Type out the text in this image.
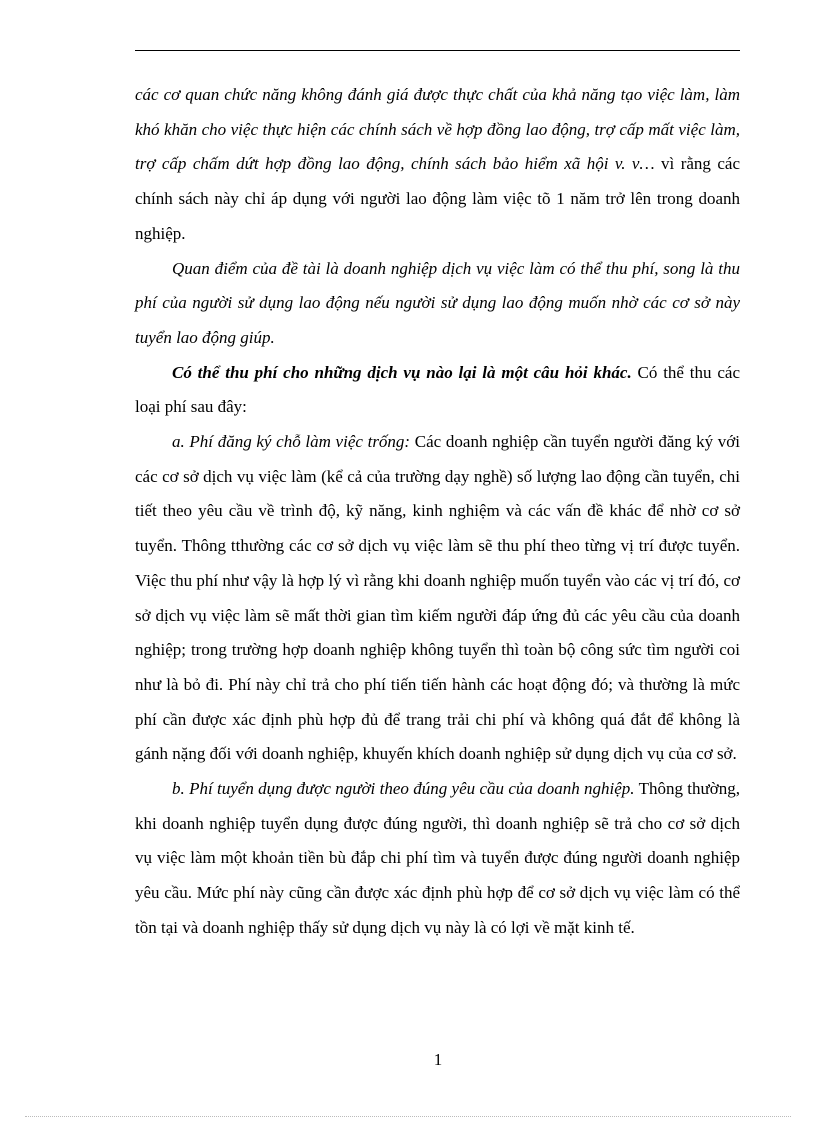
các cơ quan chức năng không đánh giá được thực chất của khả năng tạo việc làm, làm khó khăn cho việc thực hiện các chính sách về hợp đồng lao động, trợ cấp mất việc làm, trợ cấp chấm dứt hợp đồng lao động, chính sách bảo hiểm xã hội v. v… vì rằng các chính sách này chỉ áp dụng với người lao động làm việc tõ 1 năm trở lên trong doanh nghiệp.

Quan điểm của đề tài là doanh nghiệp dịch vụ việc làm có thể thu phí, song là thu phí của người sử dụng lao động nếu người sử dụng lao động muốn nhờ các cơ sở này tuyển lao động giúp.

Có thể thu phí cho những dịch vụ nào lại là một câu hỏi khác. Có thể thu các loại phí sau đây:

a. Phí đăng ký chỗ làm việc trống: Các doanh nghiệp cần tuyển người đăng ký với các cơ sở dịch vụ việc làm (kể cả của trường dạy nghề) số lượng lao động cần tuyển, chi tiết theo yêu cầu về trình độ, kỹ năng, kinh nghiệm và các vấn đề khác để nhờ cơ sở tuyển. Thông tthường các cơ sở dịch vụ việc làm sẽ thu phí theo từng vị trí được tuyển. Việc thu phí như vậy là hợp lý vì rằng khi doanh nghiệp muốn tuyển vào các vị trí đó, cơ sở dịch vụ việc làm sẽ mất thời gian tìm kiếm người đáp ứng đủ các yêu cầu của doanh nghiệp; trong trường hợp doanh nghiệp không tuyển thì toàn bộ công sức tìm người coi như là bỏ đi. Phí này chỉ trả cho phí tiến tiến hành các hoạt động đó; và thường là mức phí cần được xác định phù hợp đủ để trang trải chi phí và không quá đắt để không là gánh nặng đối với doanh nghiệp, khuyến khích doanh nghiệp sử dụng dịch vụ của cơ sở.

b. Phí tuyển dụng được người theo đúng yêu cầu của doanh nghiệp. Thông thường, khi doanh nghiệp tuyển dụng được đúng người, thì doanh nghiệp sẽ trả cho cơ sở dịch vụ việc làm một khoản tiền bù đắp chi phí tìm và tuyển được đúng người doanh nghiệp yêu cầu. Mức phí này cũng cần được xác định phù hợp để cơ sở dịch vụ việc làm có thể tồn tại và doanh nghiệp thấy sử dụng dịch vụ này là có lợi về mặt kinh tế.

1
